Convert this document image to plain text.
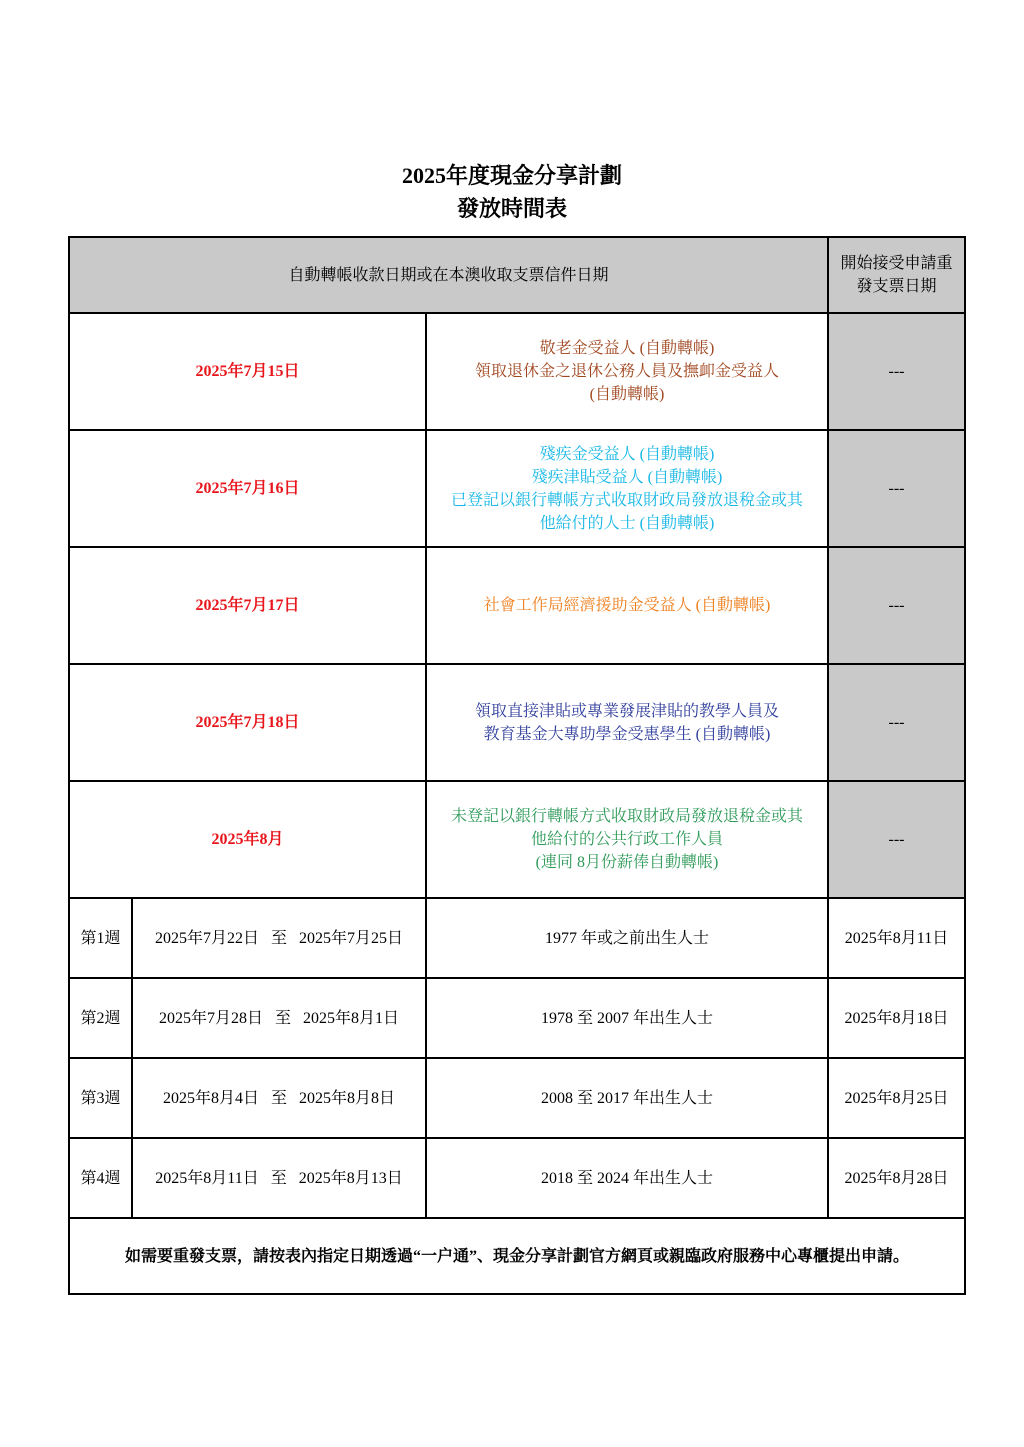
2025年度現金分享計劃
發放時間表
自動轉帳收款日期或在本澳收取支票信件日期			開始接受申請重發支票日期
2025年7月15日		敬老金受益人 (自動轉帳)
領取退休金之退休公務人員及撫卹金受益人
(自動轉帳)	---
2025年7月16日		殘疾金受益人 (自動轉帳)
殘疾津貼受益人 (自動轉帳)
已登記以銀行轉帳方式收取財政局發放退稅金或其
他給付的人士 (自動轉帳)	---
2025年7月17日		社會工作局經濟援助金受益人 (自動轉帳)	---
2025年7月18日		領取直接津貼或專業發展津貼的教學人員及
教育基金大專助學金受惠學生 (自動轉帳)	---
2025年8月		未登記以銀行轉帳方式收取財政局發放退稅金或其
他給付的公共行政工作人員
(連同 8月份薪俸自動轉帳)	---
第1週	2025年7月22日 至 2025年7月25日	1977 年或之前出生人士	2025年8月11日
第2週	2025年7月28日 至 2025年8月1日	1978 至 2007 年出生人士	2025年8月18日
第3週	2025年8月4日 至 2025年8月8日	2008 至 2017 年出生人士	2025年8月25日
第4週	2025年8月11日 至 2025年8月13日	2018 至 2024 年出生人士	2025年8月28日
如需要重發支票，請按表內指定日期透過“一户通”、現金分享計劃官方網頁或親臨政府服務中心專櫃提出申請。			
